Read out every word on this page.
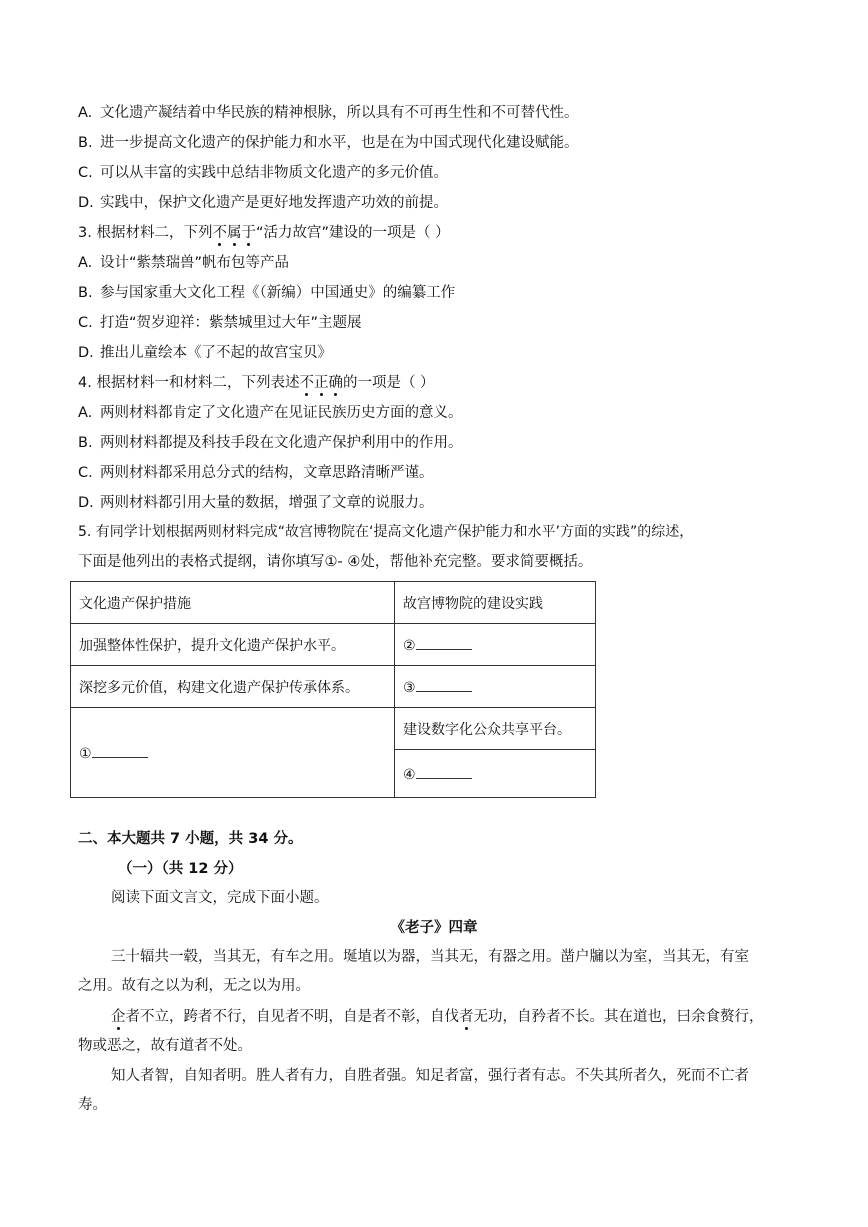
A. 文化遗产凝结着中华民族的精神根脉，所以具有不可再生性和不可替代性。
B. 进一步提高文化遗产的保护能力和水平，也是在为中国式现代化建设赋能。
C. 可以从丰富的实践中总结非物质文化遗产的多元价值。
D. 实践中，保护文化遗产是更好地发挥遗产功效的前提。
3. 根据材料二，下列不属于“活力故宫”建设的一项是（ ）
A. 设计“紫禁瑞兽”帆布包等产品
B. 参与国家重大文化工程《（新编）中国通史》的编纂工作
C. 打造“贺岁迎祥：紫禁城里过大年”主题展
D. 推出儿童绘本《了不起的故宫宝贝》
4. 根据材料一和材料二，下列表述不正确的一项是（ ）
A. 两则材料都肯定了文化遗产在见证民族历史方面的意义。
B. 两则材料都提及科技手段在文化遗产保护利用中的作用。
C. 两则材料都采用总分式的结构，文章思路清晰严谨。
D. 两则材料都引用大量的数据，增强了文章的说服力。
5. 有同学计划根据两则材料完成“故宫博物院在‘提高文化遗产保护能力和水平’方面的实践”的综述，
下面是他列出的表格式提纲，请你填写①- ④处，帮他补充完整。要求简要概括。
文化遗产保护措施	故宫博物院的建设实践
加强整体性保护，提升文化遗产保护水平。	②
深挖多元价值，构建文化遗产保护传承体系。	③
①	建设数字化公众共享平台。
	④
二、本大题共 7 小题，共 34 分。
（一）（共 12 分）
阅读下面文言文，完成下面小题。
《老子》四章
三十辐共一毂，当其无，有车之用。埏埴以为器，当其无，有器之用。凿户牖以为室，当其无，有室
之用。故有之以为利，无之以为用。
企者不立，跨者不行，自见者不明，自是者不彰，自伐者无功，自矜者不长。其在道也，曰余食赘行，
物或恶之，故有道者不处。
知人者智，自知者明。胜人者有力，自胜者强。知足者富，强行者有志。不失其所者久，死而不亡者
寿。
